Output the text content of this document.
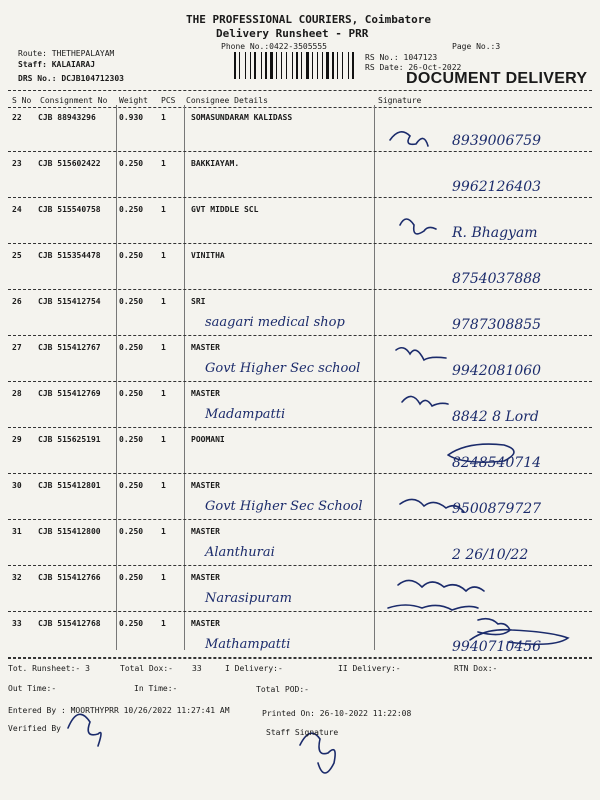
THE PROFESSIONAL COURIERS, Coimbatore
Delivery Runsheet - PRR
Phone No.:0422-3505555	Page No.:3
Route: THETHEPALAYAM
Staff: KALAIARAJ
DRS No.: DCJB104712303
RS No.: 1047123
RS Date: 26-Oct-2022
DOCUMENT DELIVERY
S No Consignment No Weight PCS Consignee Details	Signature
22 CJB 88943296	0.930 1	SOMASUNDARAM KALIDASS
8939006759
23 CJB 515602422 0.250 1	BAKKIAYAM.
9962126403
24 CJB 515540758 0.250 1	GVT MIDDLE SCL
R. Bhagyam
25 CJB 515354478 0.250 1	VINITHA
8754037888
26 CJB 515412754 0.250 1	SRI
saagari medical shop	9787308855
27 CJB 515412767 0.250 1	MASTER
Govt Higher Sec school	9942081060
28 CJB 515412769 0.250 1	MASTER
Madampatti	8842 8 Lord
29 CJB 515625191 0.250 1	POOMANI
8248540714
30 CJB 515412801 0.250 1	MASTER
Govt Higher Sec School	9500879727
31 CJB 515412800 0.250 1	MASTER
Alanthurai	2 26/10/22
32 CJB 515412766 0.250 1	MASTER
Narasipuram
33 CJB 515412768 0.250 1	MASTER
Mathampatti	9940710456
Tot. Runsheet:- 3	Total Dox:- 33	I Delivery:-	II Delivery:-	RTN Dox:-
Out Time:-	In Time:-	Total POD:-
Entered By : MOORTHYPRR 10/26/2022 11:27:41 AM	Printed On: 26-10-2022 11:22:08
Verified By	Staff Signature
